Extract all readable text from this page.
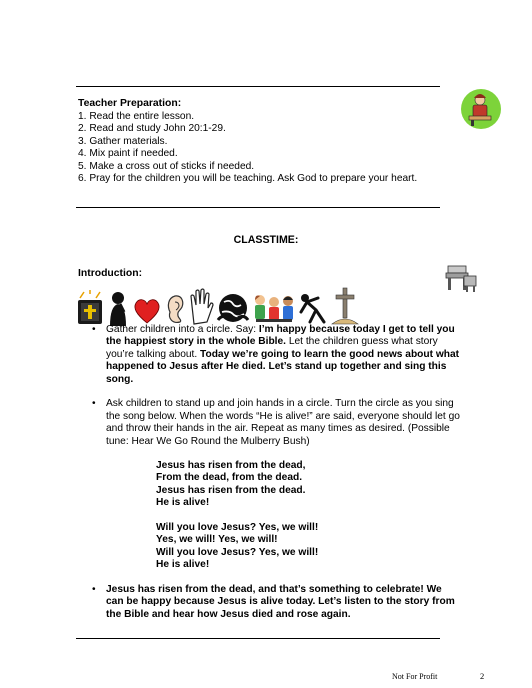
Teacher Preparation:
1. Read the entire lesson.
2. Read and study John 20:1-29.
3. Gather materials.
4. Mix paint if needed.
5. Make a cross out of sticks if needed.
6. Pray for the children you will be teaching. Ask God to prepare your heart.
CLASSTIME:
Introduction:
• Gather children into a circle. Say: I’m happy because today I get to tell you the happiest story in the whole Bible. Let the children guess what story you’re talking about. Today we’re going to learn the good news about what happened to Jesus after He died. Let’s stand up together and sing this song.
• Ask children to stand up and join hands in a circle. Turn the circle as you sing the song below. When the words “He is alive!” are said, everyone should let go and throw their hands in the air. Repeat as many times as desired. (Possible tune: Hear We Go Round the Mulberry Bush)

Jesus has risen from the dead,
From the dead, from the dead.
Jesus has risen from the dead.
He is alive!

Will you love Jesus? Yes, we will!
Yes, we will! Yes, we will!
Will you love Jesus? Yes, we will!
He is alive!

• Jesus has risen from the dead, and that’s something to celebrate! We can be happy because Jesus is alive today. Let’s listen to the story from the Bible and hear how Jesus died and rose again.
Not For Profit	2
